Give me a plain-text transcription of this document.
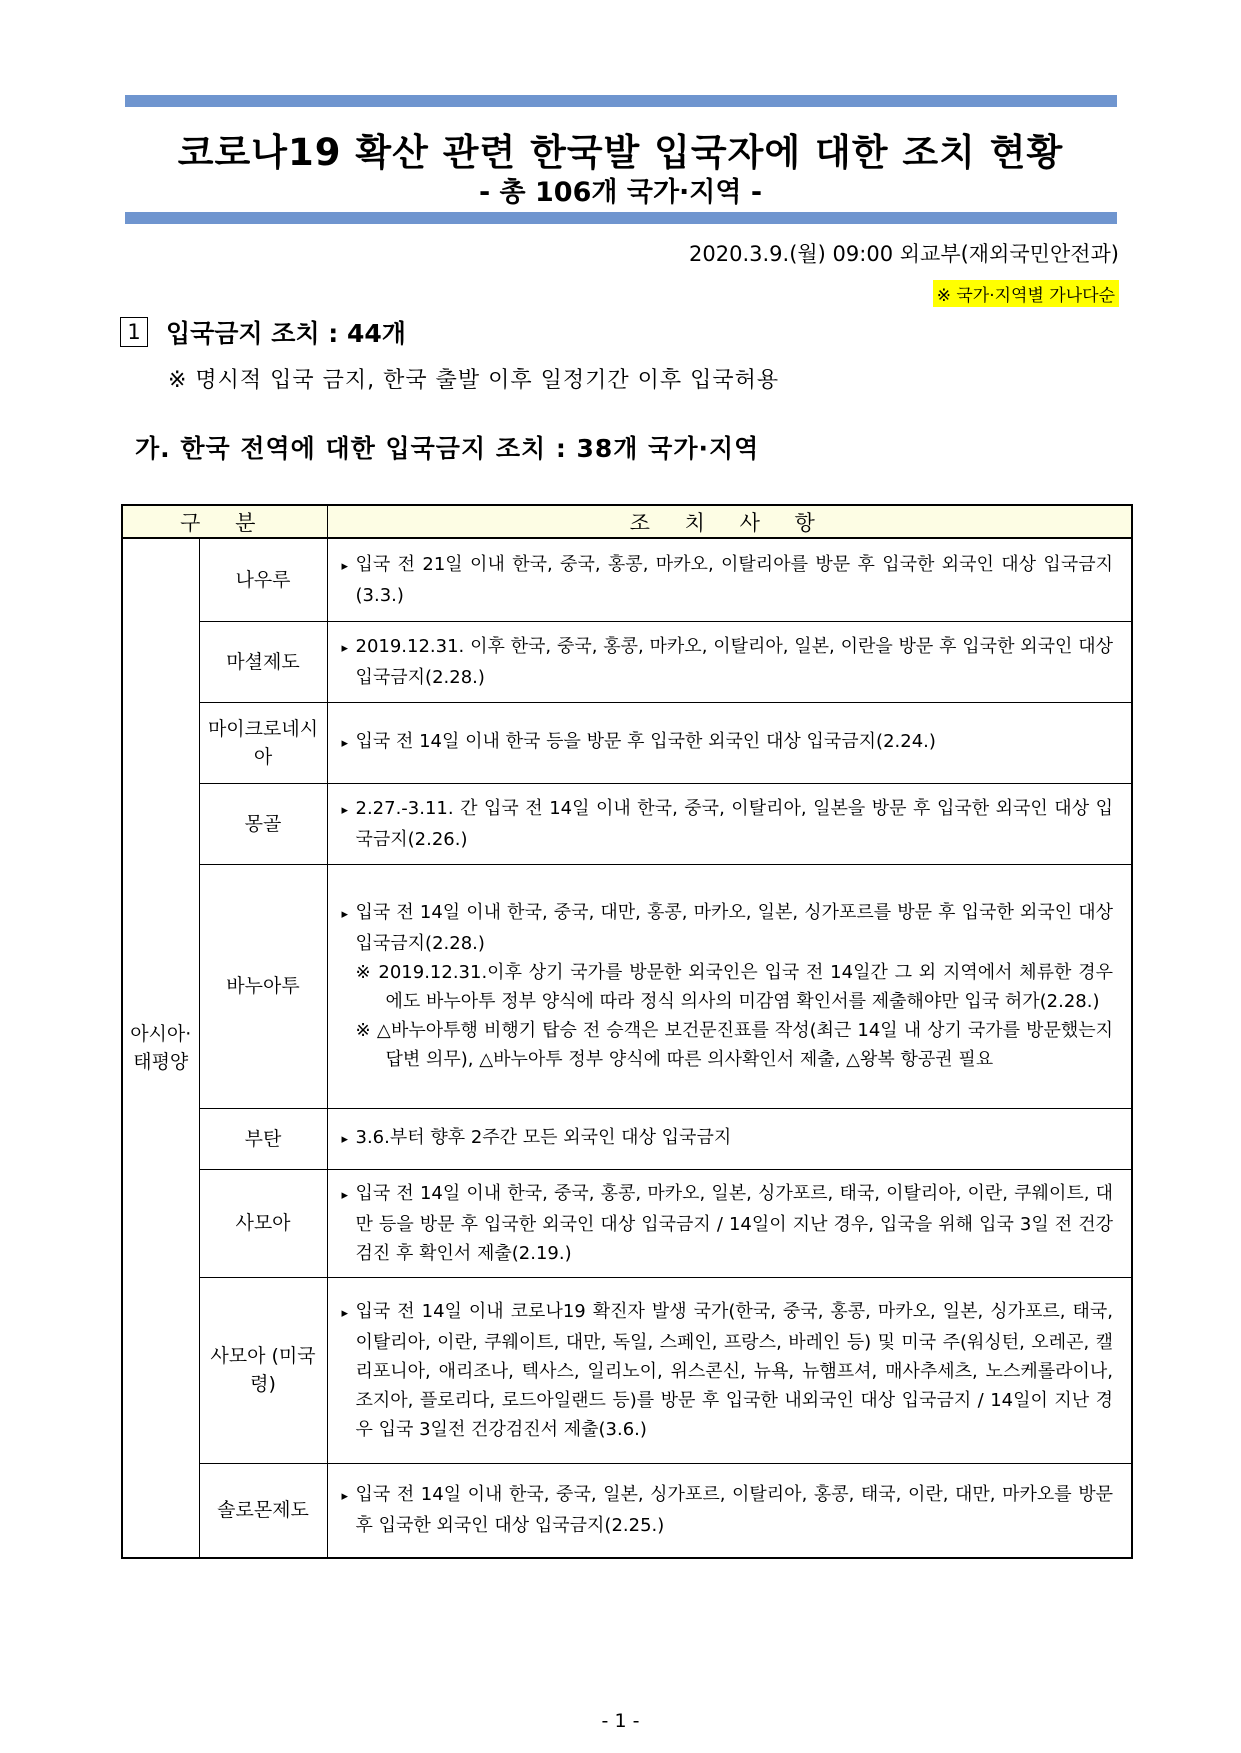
코로나19 확산 관련 한국발 입국자에 대한 조치 현황
- 총 106개 국가·지역 -
2020.3.9.(월) 09:00 외교부(재외국민안전과)
※ 국가·지역별 가나다순
1 입국금지 조치 : 44개
※ 명시적 입국 금지, 한국 출발 이후 일정기간 이후 입국허용
가. 한국 전역에 대한 입국금지 조치 : 38개 국가·지역
구 분		조 치 사 항
아시아·태평양	나우루	▸ 입국 전 21일 이내 한국, 중국, 홍콩, 마카오, 이탈리아를 방문 후 입국한 외국인 대상 입국금지(3.3.)

	마셜제도	▸ 2019.12.31. 이후 한국, 중국, 홍콩, 마카오, 이탈리아, 일본, 이란을 방문 후 입국한 외국인 대상 입국금지(2.28.)

	마이크로네시아	▸ 입국 전 14일 이내 한국 등을 방문 후 입국한 외국인 대상 입국금지(2.24.)

	몽골	▸ 2.27.-3.11. 간 입국 전 14일 이내 한국, 중국, 이탈리아, 일본을 방문 후 입국한 외국인 대상 입국금지(2.26.)

	바누아투	▸ 입국 전 14일 이내 한국, 중국, 대만, 홍콩, 마카오, 일본, 싱가포르를 방문 후 입국한 외국인 대상 입국금지(2.28.)
※ 2019.12.31.이후 상기 국가를 방문한 외국인은 입국 전 14일간 그 외 지역에서 체류한 경우에도 바누아투 정부 양식에 따라 정식 의사의 미감염 확인서를 제출해야만 입국 허가(2.28.)
※ △바누아투행 비행기 탑승 전 승객은 보건문진표를 작성(최근 14일 내 상기 국가를 방문했는지 답변 의무), △바누아투 정부 양식에 따른 의사확인서 제출, △왕복 항공권 필요

	부탄	▸ 3.6.부터 향후 2주간 모든 외국인 대상 입국금지

	사모아	▸ 입국 전 14일 이내 한국, 중국, 홍콩, 마카오, 일본, 싱가포르, 태국, 이탈리아, 이란, 쿠웨이트, 대만 등을 방문 후 입국한 외국인 대상 입국금지 / 14일이 지난 경우, 입국을 위해 입국 3일 전 건강검진 후 확인서 제출(2.19.)

	사모아 (미국령)	▸ 입국 전 14일 이내 코로나19 확진자 발생 국가(한국, 중국, 홍콩, 마카오, 일본, 싱가포르, 태국, 이탈리아, 이란, 쿠웨이트, 대만, 독일, 스페인, 프랑스, 바레인 등) 및 미국 주(워싱턴, 오레곤, 캘리포니아, 애리조나, 텍사스, 일리노이, 위스콘신, 뉴욕, 뉴햄프셔, 매사추세츠, 노스케롤라이나, 조지아, 플로리다, 로드아일랜드 등)를 방문 후 입국한 내외국인 대상 입국금지 / 14일이 지난 경우 입국 3일전 건강검진서 제출(3.6.)

	솔로몬제도	▸ 입국 전 14일 이내 한국, 중국, 일본, 싱가포르, 이탈리아, 홍콩, 태국, 이란, 대만, 마카오를 방문 후 입국한 외국인 대상 입국금지(2.25.)
- 1 -
